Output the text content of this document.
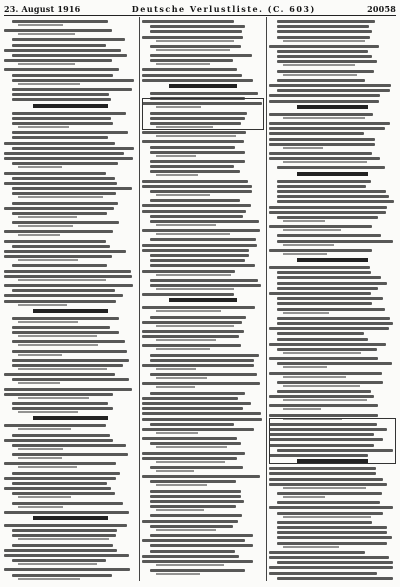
23. August 1916	Deutsche Verlustliste. (C. 603)	20058
